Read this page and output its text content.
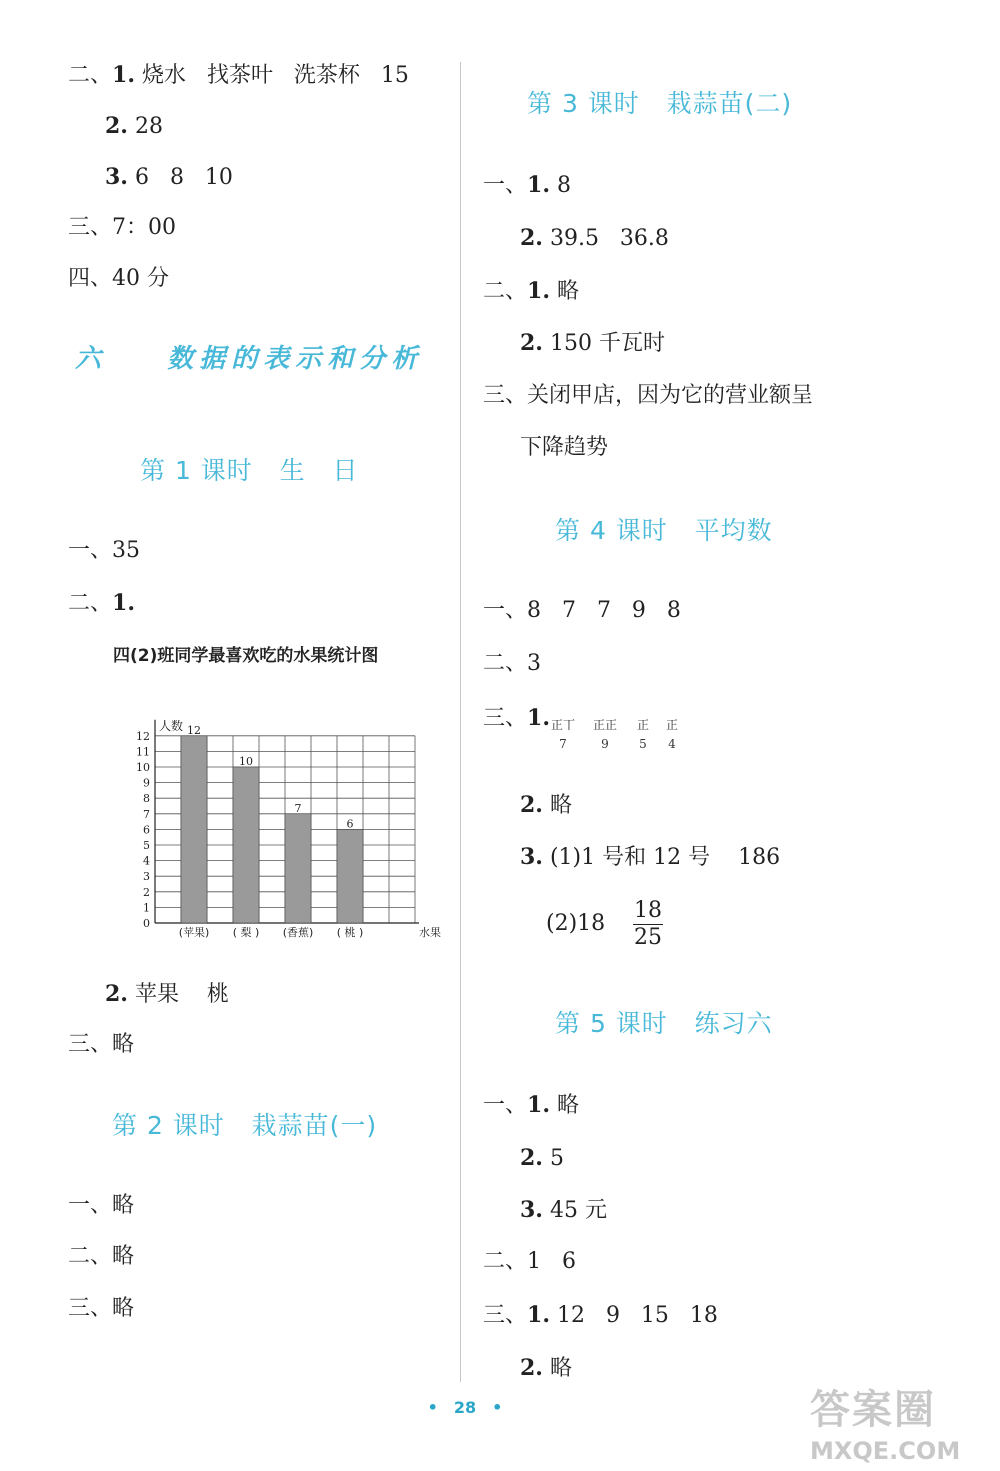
二、1. 烧水   找茶叶   洗茶杯   15
2. 28
3. 6   8   10
三、7：00
四、40 分
六    数据的表示和分析
第 1 课时   生   日
一、35
二、1.
四(2)班同学最喜欢吃的水果统计图
0
1
2
3
4
5
6
7
8
9
10
11
12
人数 12
10
7
6
(苹果) ( 梨 ) (香蕉) ( 桃 )	水果
2. 苹果    桃
三、略
第 2 课时   栽蒜苗(一)
一、略
二、略
三、略
第 3 课时   栽蒜苗(二)
一、1. 8
2. 39.5   36.8
二、1. 略
2. 150 千瓦时
三、关闭甲店，因为它的营业额呈
下降趋势
第 4 课时   平均数
一、8   7   7   9   8
二、3
三、1. 正丅
7
正正
9
正
5
正
4
2. 略
3. (1)1 号和 12 号    186
(2)18
18
25
第 5 课时   练习六
一、1. 略
2. 5
3. 45 元
二、1   6
三、1. 12   9   15   18
2. 略
• 28 •	答案圈
MXQE.COM
